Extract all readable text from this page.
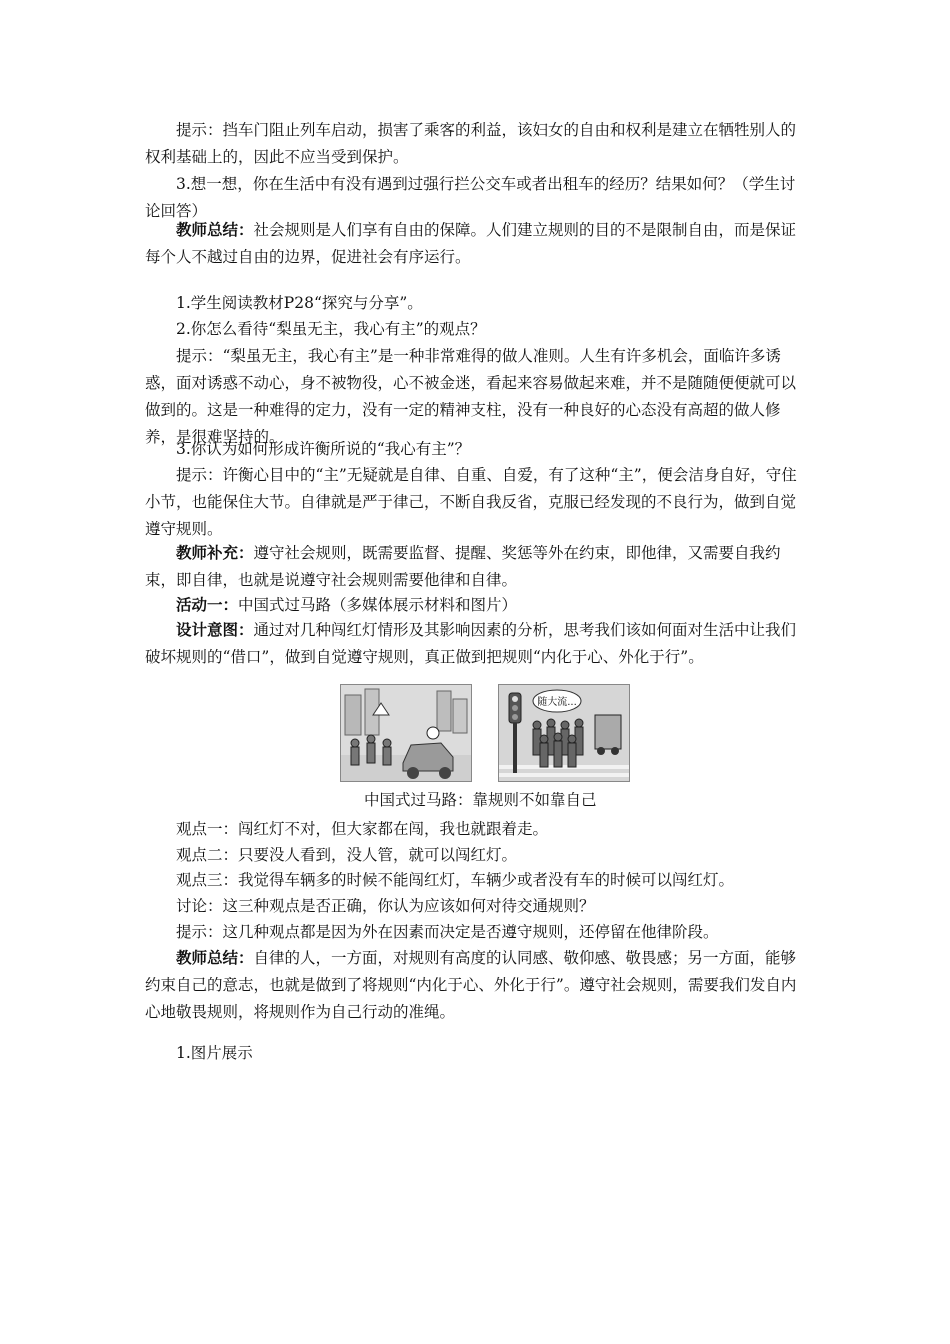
提示：挡车门阻止列车启动，损害了乘客的利益，该妇女的自由和权利是建立在牺牲别人的权利基础上的，因此不应当受到保护。

3.想一想，你在生活中有没有遇到过强行拦公交车或者出租车的经历？结果如何？（学生讨论回答）

教师总结：社会规则是人们享有自由的保障。人们建立规则的目的不是限制自由，而是保证每个人不越过自由的边界，促进社会有序运行。

1.学生阅读教材P28“探究与分享”。

2.你怎么看待“梨虽无主，我心有主”的观点？

提示：“梨虽无主，我心有主”是一种非常难得的做人准则。人生有许多机会，面临许多诱惑，面对诱惑不动心，身不被物役，心不被金迷，看起来容易做起来难，并不是随随便便就可以做到的。这是一种难得的定力，没有一定的精神支柱，没有一种良好的心态没有高超的做人修养，是很难坚持的。

3.你认为如何形成许衡所说的“我心有主”？

提示：许衡心目中的“主”无疑就是自律、自重、自爱，有了这种“主”，便会洁身自好，守住小节，也能保住大节。自律就是严于律己，不断自我反省，克服已经发现的不良行为，做到自觉遵守规则。

教师补充：遵守社会规则，既需要监督、提醒、奖惩等外在约束，即他律，又需要自我约束，即自律，也就是说遵守社会规则需要他律和自律。

活动一：中国式过马路（多媒体展示材料和图片）

设计意图：通过对几种闯红灯情形及其影响因素的分析，思考我们该如何面对生活中让我们破坏规则的“借口”，做到自觉遵守规则，真正做到把规则“内化于心、外化于行”。

随大流...
中国式过马路：靠规则不如靠自己

观点一：闯红灯不对，但大家都在闯，我也就跟着走。

观点二：只要没人看到，没人管，就可以闯红灯。

观点三：我觉得车辆多的时候不能闯红灯，车辆少或者没有车的时候可以闯红灯。

讨论：这三种观点是否正确，你认为应该如何对待交通规则？

提示：这几种观点都是因为外在因素而决定是否遵守规则，还停留在他律阶段。

教师总结：自律的人，一方面，对规则有高度的认同感、敬仰感、敬畏感；另一方面，能够约束自己的意志，也就是做到了将规则“内化于心、外化于行”。遵守社会规则，需要我们发自内心地敬畏规则，将规则作为自己行动的准绳。

1.图片展示
